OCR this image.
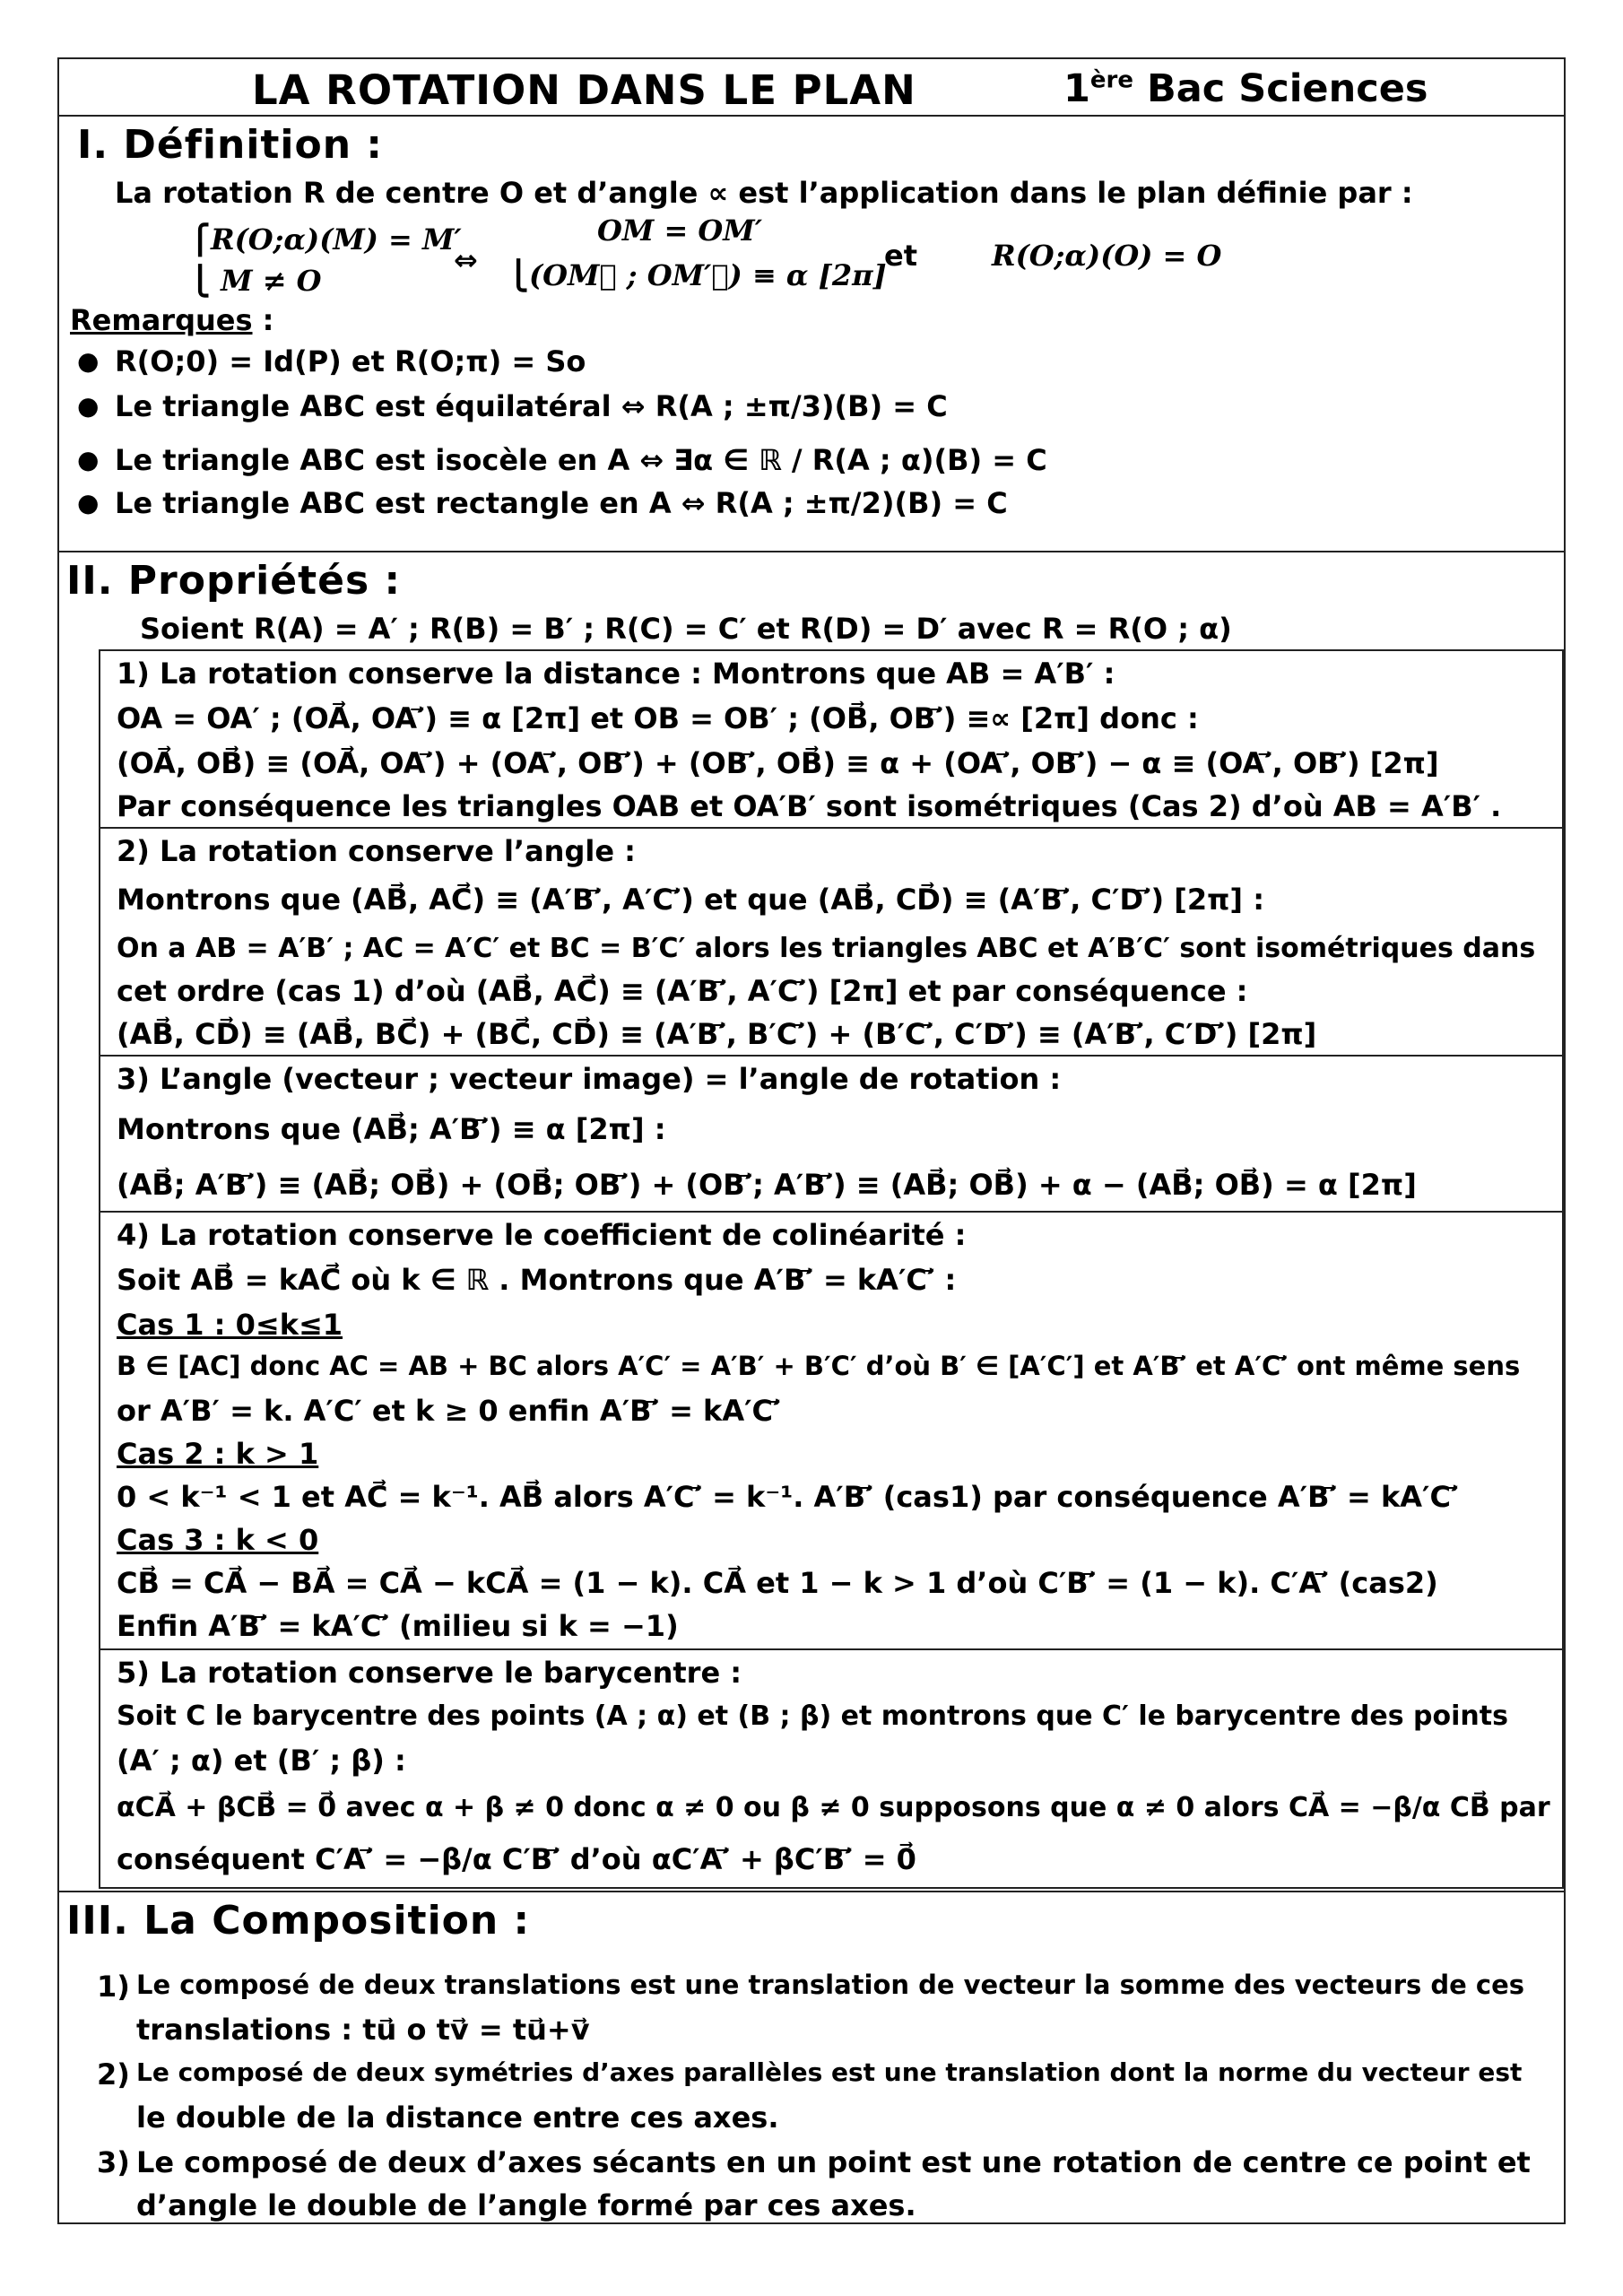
LA ROTATION DANS LE PLAN	1ère Bac Sciences
I. Définition :
La rotation R de centre O et d’angle ∝ est l’application dans le plan définie par :
⎧R(O;α)(M) = M′
⎩ M ≠ O
⇔
OM = OM′
⎩(OM⃗ ; OM′⃗) ≡ α [2π]
et	R(O;α)(O) = O
Remarques :
● R(O;0) = Id(P) et R(O;π) = So
● Le triangle ABC est équilatéral ⇔ R(A ; ±π/3)(B) = C
● Le triangle ABC est isocèle en A ⇔ ∃α ∈ ℝ / R(A ; α)(B) = C
● Le triangle ABC est rectangle en A ⇔ R(A ; ±π/2)(B) = C
II. Propriétés :
Soient R(A) = A′ ; R(B) = B′ ; R(C) = C′ et R(D) = D′ avec R = R(O ; α)
1) La rotation conserve la distance : Montrons que AB = A′B′ :
OA = OA′ ; (OA⃗, OA′⃗) ≡ α [2π] et OB = OB′ ; (OB⃗, OB′⃗) ≡∝ [2π] donc :
(OA⃗, OB⃗) ≡ (OA⃗, OA′⃗) + (OA′⃗, OB′⃗) + (OB′⃗, OB⃗) ≡ α + (OA′⃗, OB′⃗) − α ≡ (OA′⃗, OB′⃗) [2π]
Par conséquence les triangles OAB et OA′B′ sont isométriques (Cas 2) d’où AB = A′B′ .
2) La rotation conserve l’angle :
Montrons que (AB⃗, AC⃗) ≡ (A′B′⃗, A′C′⃗) et que (AB⃗, CD⃗) ≡ (A′B′⃗, C′D′⃗) [2π] :
On a AB = A′B′ ; AC = A′C′ et BC = B′C′ alors les triangles ABC et A′B′C′ sont isométriques dans
cet ordre (cas 1) d’où (AB⃗, AC⃗) ≡ (A′B′⃗, A′C′⃗) [2π] et par conséquence :
(AB⃗, CD⃗) ≡ (AB⃗, BC⃗) + (BC⃗, CD⃗) ≡ (A′B′⃗, B′C′⃗) + (B′C′⃗, C′D′⃗) ≡ (A′B′⃗, C′D′⃗) [2π]
3) L’angle (vecteur ; vecteur image) = l’angle de rotation :
Montrons que (AB⃗; A′B′⃗) ≡ α [2π] :
(AB⃗; A′B′⃗) ≡ (AB⃗; OB⃗) + (OB⃗; OB′⃗) + (OB′⃗; A′B′⃗) ≡ (AB⃗; OB⃗) + α − (AB⃗; OB⃗) = α [2π]
4) La rotation conserve le coefficient de colinéarité :
Soit AB⃗ = kAC⃗ où k ∈ ℝ . Montrons que A′B′⃗ = kA′C′⃗ :
Cas 1 : 0≤k≤1
B ∈ [AC] donc AC = AB + BC alors A′C′ = A′B′ + B′C′ d’où B′ ∈ [A′C′] et A′B′⃗ et A′C′⃗ ont même sens
or A′B′ = k. A′C′ et k ≥ 0 enfin A′B′⃗ = kA′C′⃗
Cas 2 : k > 1
0 < k⁻¹ < 1 et AC⃗ = k⁻¹. AB⃗ alors A′C′⃗ = k⁻¹. A′B′⃗ (cas1) par conséquence A′B′⃗ = kA′C′⃗
Cas 3 : k < 0
CB⃗ = CA⃗ − BA⃗ = CA⃗ − kCA⃗ = (1 − k). CA⃗ et 1 − k > 1 d’où C′B′⃗ = (1 − k). C′A′⃗ (cas2)
Enfin A′B′⃗ = kA′C′⃗ (milieu si k = −1)
5) La rotation conserve le barycentre :
Soit C le barycentre des points (A ; α) et (B ; β) et montrons que C′ le barycentre des points
(A′ ; α) et (B′ ; β) :
αCA⃗ + βCB⃗ = 0⃗ avec α + β ≠ 0 donc α ≠ 0 ou β ≠ 0 supposons que α ≠ 0 alors CA⃗ = −β/α CB⃗ par
conséquent C′A′⃗ = −β/α C′B′⃗ d’où αC′A′⃗ + βC′B′⃗ = 0⃗
III. La Composition :
1) Le composé de deux translations est une translation de vecteur la somme des vecteurs de ces
translations : tu⃗ o tv⃗ = tu⃗+v⃗
2) Le composé de deux symétries d’axes parallèles est une translation dont la norme du vecteur est
le double de la distance entre ces axes.
3) Le composé de deux d’axes sécants en un point est une rotation de centre ce point et
d’angle le double de l’angle formé par ces axes.
